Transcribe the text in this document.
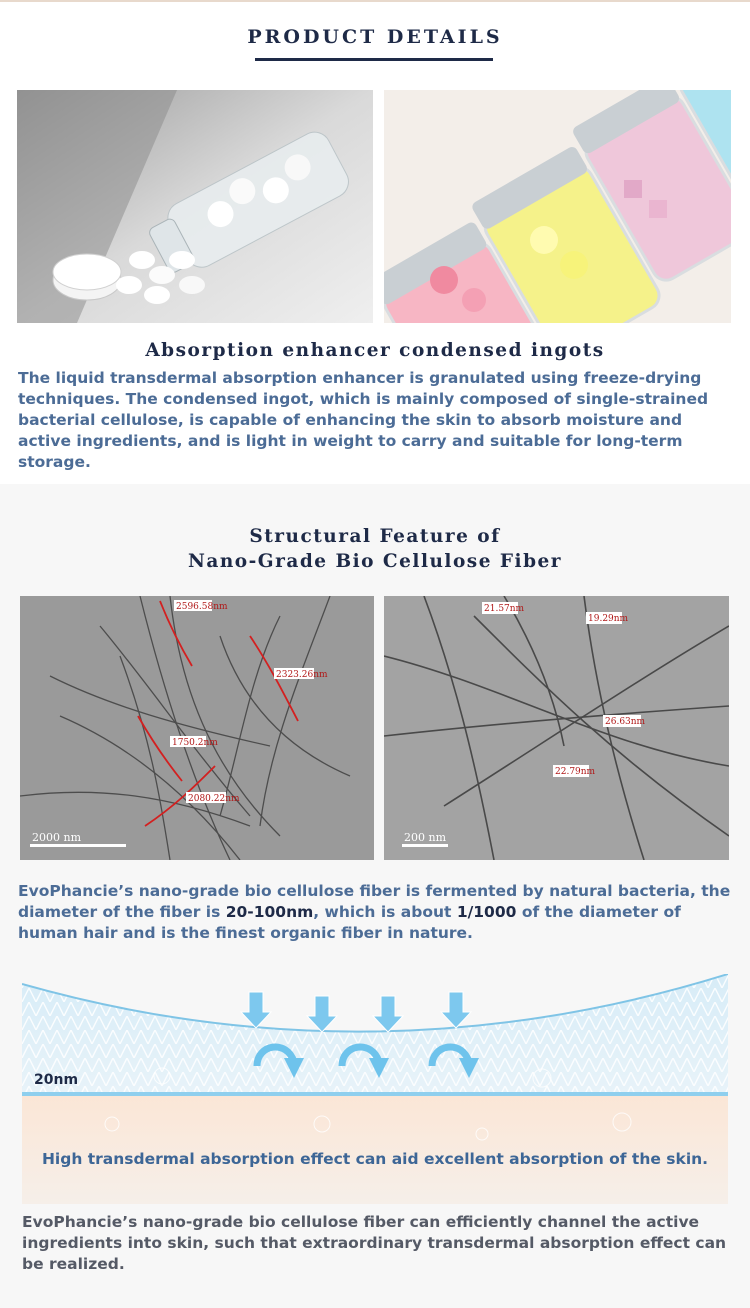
PRODUCT DETAILS
Absorption enhancer condensed ingots
The liquid transdermal absorption enhancer is granulated using freeze-drying techniques. The condensed ingot, which is mainly composed of single-strained bacterial cellulose, is capable of enhancing the skin to absorb moisture and active ingredients, and is light in weight to carry and suitable for long-term storage.
Structural Feature of
Nano-Grade Bio Cellulose Fiber
2596.58nm
2323.26nm
1750.2nm
2080.22nm
2000 nm
21.57nm
19.29nm
26.63nm
22.79nm
200 nm
EvoPhancie’s nano-grade bio cellulose fiber is fermented by natural bacteria, the diameter of the fiber is 20-100nm, which is about 1/1000 of the diameter of human hair and is the finest organic fiber in nature.
20nm
High transdermal absorption effect can aid excellent absorption of the skin.
EvoPhancie’s nano-grade bio cellulose fiber can efficiently channel the active ingredients into skin, such that extraordinary transdermal absorption effect can be realized.
